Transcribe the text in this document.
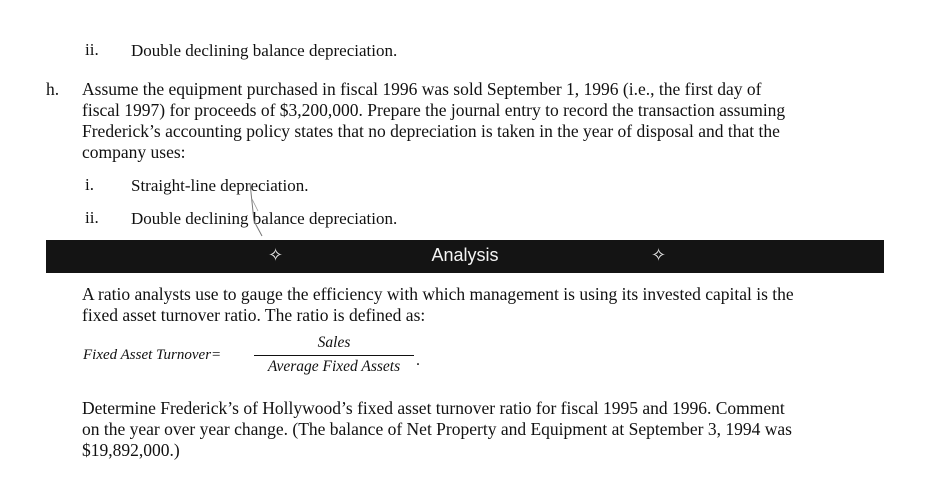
ii. Double declining balance depreciation.
h. Assume the equipment purchased in fiscal 1996 was sold September 1, 1996 (i.e., the first day of
fiscal 1997) for proceeds of $3,200,000. Prepare the journal entry to record the transaction assuming
Frederick’s accounting policy states that no depreciation is taken in the year of disposal and that the
company uses:
i. Straight-line depreciation.
ii. Double declining balance depreciation.
✧	Analysis	✧
A ratio analysts use to gauge the efficiency with which management is using its invested capital is the
fixed asset turnover ratio. The ratio is defined as:
Fixed Asset Turnover=
Sales
Average Fixed Assets .
Determine Frederick’s of Hollywood’s fixed asset turnover ratio for fiscal 1995 and 1996. Comment
on the year over year change. (The balance of Net Property and Equipment at September 3, 1994 was
$19,892,000.)
